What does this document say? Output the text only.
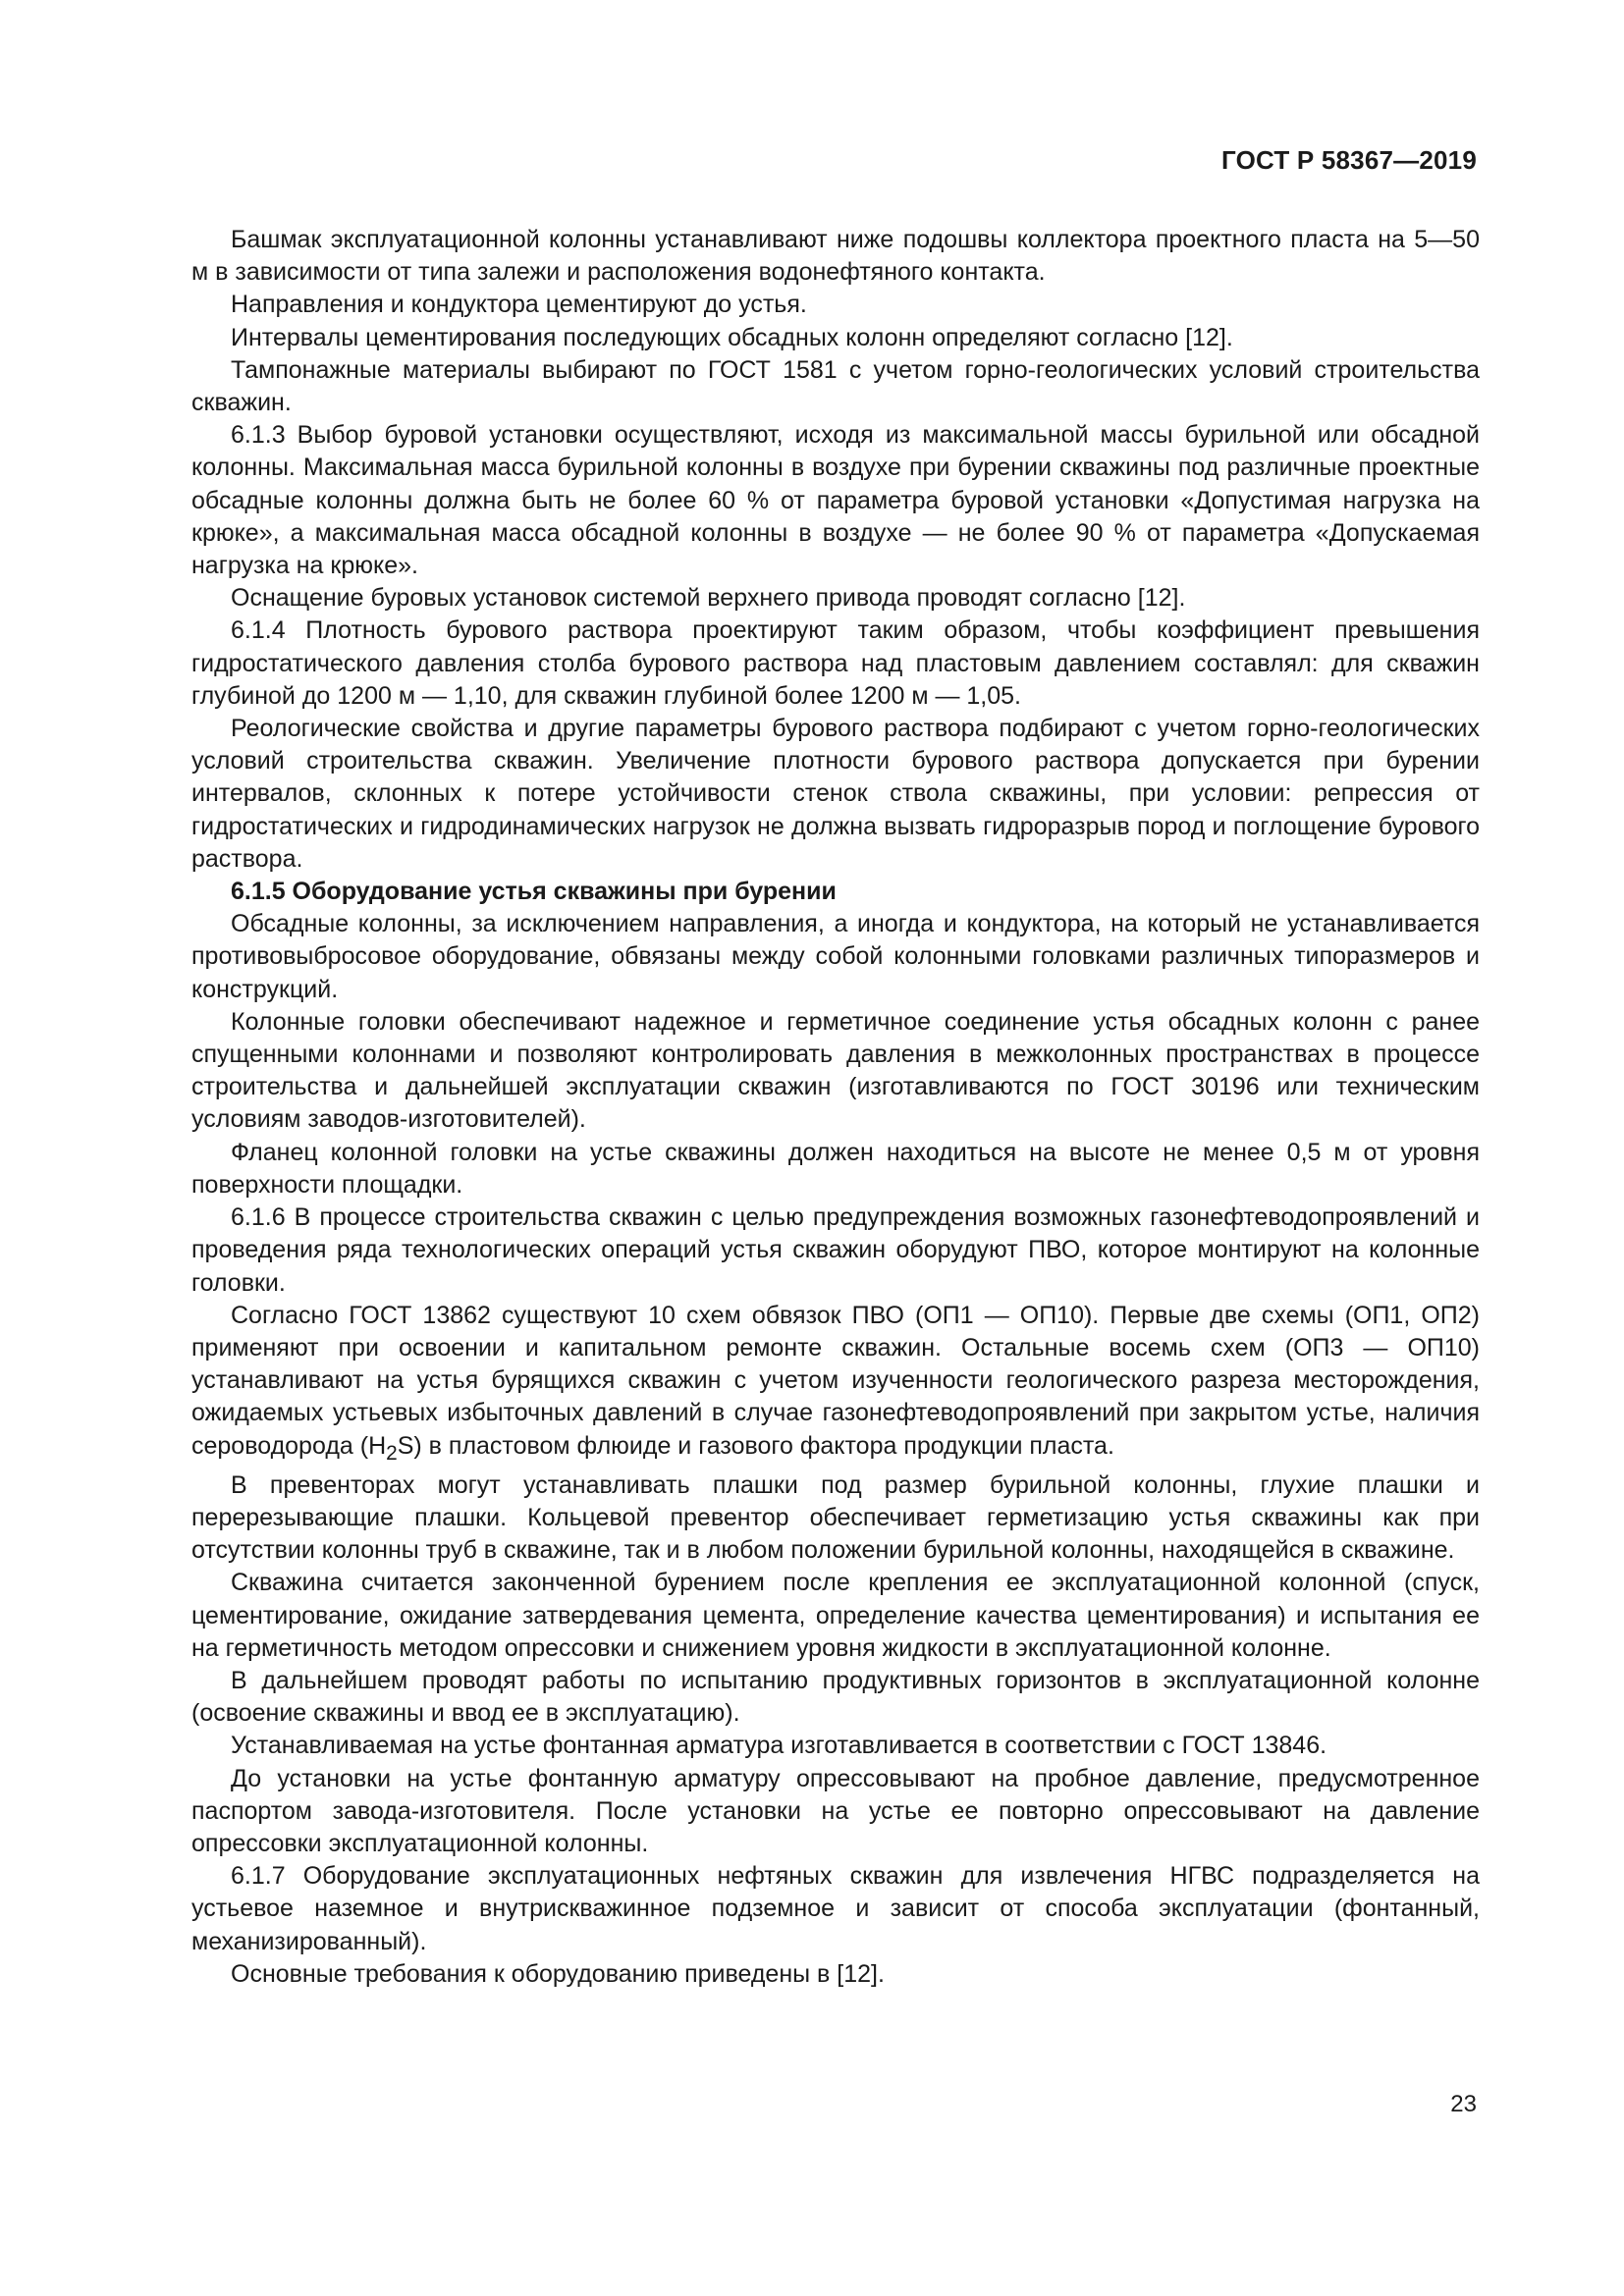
ГОСТ Р 58367—2019

Башмак эксплуатационной колонны устанавливают ниже подошвы коллектора проектного пласта на 5—50 м в зависимости от типа залежи и расположения водонефтяного контакта.

Направления и кондуктора цементируют до устья.

Интервалы цементирования последующих обсадных колонн определяют согласно [12].

Тампонажные материалы выбирают по ГОСТ 1581 с учетом горно-геологических условий строительства скважин.

6.1.3 Выбор буровой установки осуществляют, исходя из максимальной массы бурильной или обсадной колонны. Максимальная масса бурильной колонны в воздухе при бурении скважины под различные проектные обсадные колонны должна быть не более 60 % от параметра буровой установки «Допустимая нагрузка на крюке», а максимальная масса обсадной колонны в воздухе — не более 90 % от параметра «Допускаемая нагрузка на крюке».

Оснащение буровых установок системой верхнего привода проводят согласно [12].

6.1.4 Плотность бурового раствора проектируют таким образом, чтобы коэффициент превышения гидростатического давления столба бурового раствора над пластовым давлением составлял: для скважин глубиной до 1200 м — 1,10, для скважин глубиной более 1200 м — 1,05.

Реологические свойства и другие параметры бурового раствора подбирают с учетом горно-геологических условий строительства скважин. Увеличение плотности бурового раствора допускается при бурении интервалов, склонных к потере устойчивости стенок ствола скважины, при условии: репрессия от гидростатических и гидродинамических нагрузок не должна вызвать гидроразрыв пород и поглощение бурового раствора.

6.1.5 Оборудование устья скважины при бурении

Обсадные колонны, за исключением направления, а иногда и кондуктора, на который не устанавливается противовыбросовое оборудование, обвязаны между собой колонными головками различных типоразмеров и конструкций.

Колонные головки обеспечивают надежное и герметичное соединение устья обсадных колонн с ранее спущенными колоннами и позволяют контролировать давления в межколонных пространствах в процессе строительства и дальнейшей эксплуатации скважин (изготавливаются по ГОСТ 30196 или техническим условиям заводов-изготовителей).

Фланец колонной головки на устье скважины должен находиться на высоте не менее 0,5 м от уровня поверхности площадки.

6.1.6 В процессе строительства скважин с целью предупреждения возможных газонефтеводопроявлений и проведения ряда технологических операций устья скважин оборудуют ПВО, которое монтируют на колонные головки.

Согласно ГОСТ 13862 существуют 10 схем обвязок ПВО (ОП1 — ОП10). Первые две схемы (ОП1, ОП2) применяют при освоении и капитальном ремонте скважин. Остальные восемь схем (ОП3 — ОП10) устанавливают на устья бурящихся скважин с учетом изученности геологического разреза месторождения, ожидаемых устьевых избыточных давлений в случае газонефтеводопроявлений при закрытом устье, наличия сероводорода $(H_2S)$ в пластовом флюиде и газового фактора продукции пласта.

В превенторах могут устанавливать плашки под размер бурильной колонны, глухие плашки и перерезывающие плашки. Кольцевой превентор обеспечивает герметизацию устья скважины как при отсутствии колонны труб в скважине, так и в любом положении бурильной колонны, находящейся в скважине.

Скважина считается законченной бурением после крепления ее эксплуатационной колонной (спуск, цементирование, ожидание затвердевания цемента, определение качества цементирования) и испытания ее на герметичность методом опрессовки и снижением уровня жидкости в эксплуатационной колонне.

В дальнейшем проводят работы по испытанию продуктивных горизонтов в эксплуатационной колонне (освоение скважины и ввод ее в эксплуатацию).

Устанавливаемая на устье фонтанная арматура изготавливается в соответствии с ГОСТ 13846.

До установки на устье фонтанную арматуру опрессовывают на пробное давление, предусмотренное паспортом завода-изготовителя. После установки на устье ее повторно опрессовывают на давление опрессовки эксплуатационной колонны.

6.1.7 Оборудование эксплуатационных нефтяных скважин для извлечения НГВС подразделяется на устьевое наземное и внутрискважинное подземное и зависит от способа эксплуатации (фонтанный, механизированный).

Основные требования к оборудованию приведены в [12].

23
